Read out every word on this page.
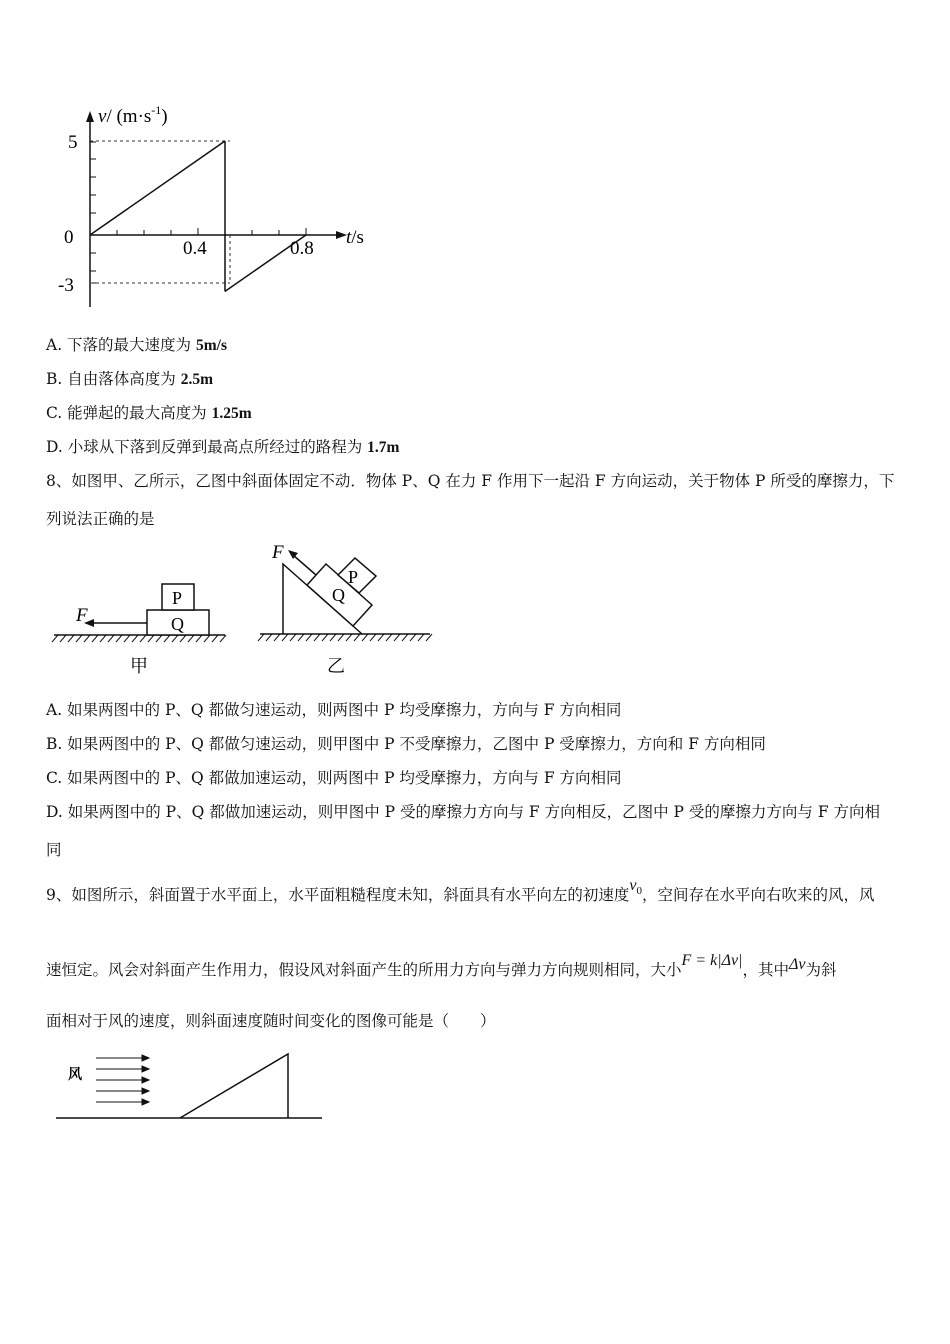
v/ $(m\cdot s^{-1})$
5
0
-3
0.4	0.8
t/s
A. 下落的最大速度为 5m/s
B. 自由落体高度为 2.5m
C. 能弹起的最大高度为 1.25m
D. 小球从下落到反弹到最高点所经过的路程为 1.7m
8、如图甲、乙所示，乙图中斜面体固定不动．物体 P、Q 在力 F 作用下一起沿 F 方向运动，关于物体 P 所受的摩擦力，下
列说法正确的是
P
Q
F
甲
P
Q
F
乙
A. 如果两图中的 P、Q 都做匀速运动，则两图中 P 均受摩擦力，方向与 F 方向相同
B. 如果两图中的 P、Q 都做匀速运动，则甲图中 P 不受摩擦力，乙图中 P 受摩擦力，方向和 F 方向相同
C. 如果两图中的 P、Q 都做加速运动，则两图中 P 均受摩擦力，方向与 F 方向相同
D. 如果两图中的 P、Q 都做加速运动，则甲图中 P 受的摩擦力方向与 F 方向相反，乙图中 P 受的摩擦力方向与 F 方向相
同
9、如图所示，斜面置于水平面上，水平面粗糙程度未知，斜面具有水平向左的初速度$v_0$，空间存在水平向右吹来的风，风
速恒定。风会对斜面产生作用力，假设风对斜面产生的所用力方向与弹力方向规则相同，大小F = k|Δv|，其中Δv为斜
面相对于风的速度，则斜面速度随时间变化的图像可能是（　　）
风
